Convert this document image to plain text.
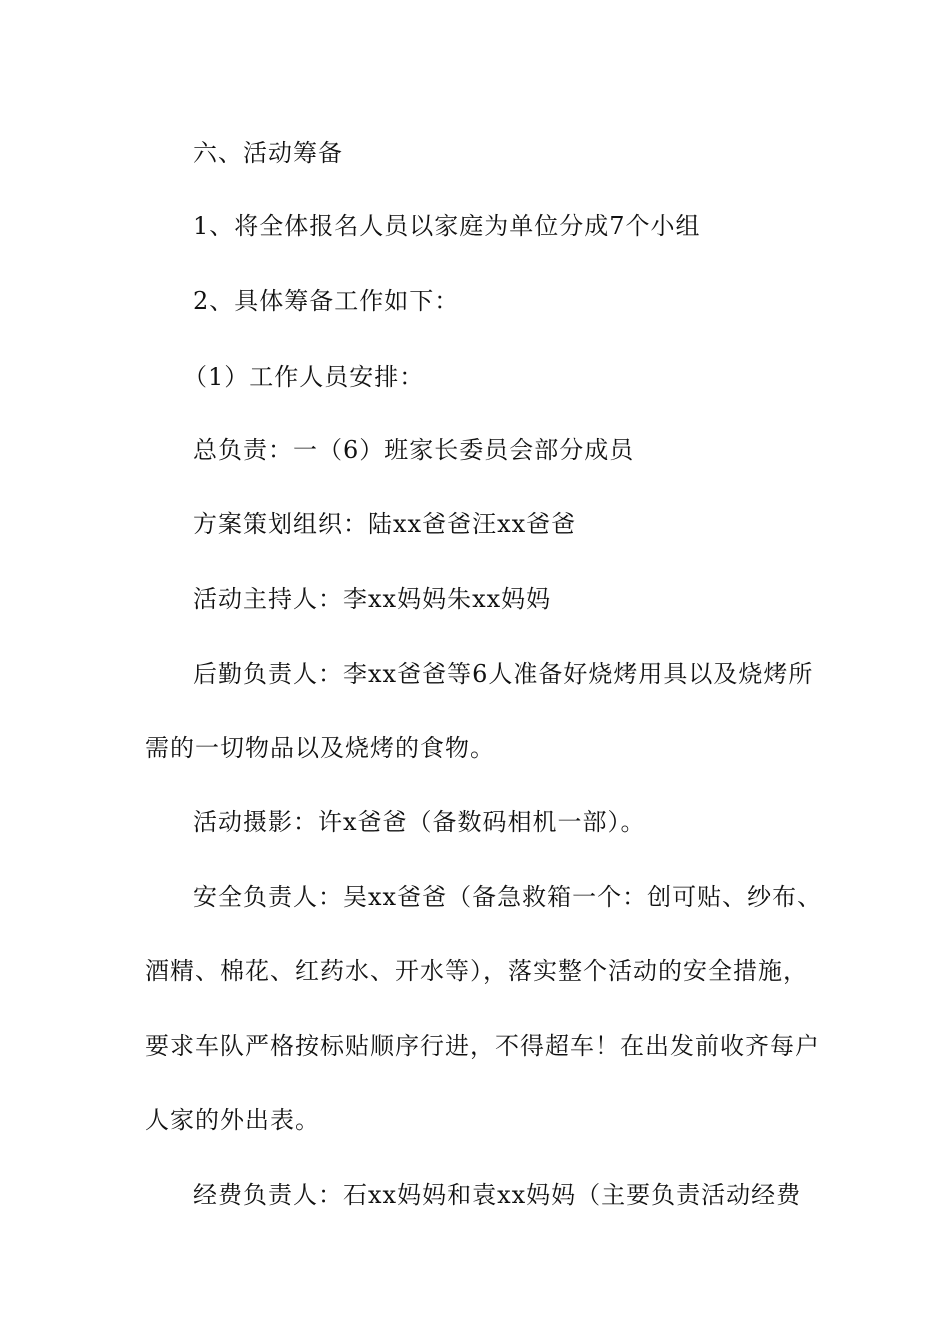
六、活动筹备
1、将全体报名人员以家庭为单位分成7个小组
2、具体筹备工作如下：
（1）工作人员安排：
总负责：一（6）班家长委员会部分成员
方案策划组织：陆xx爸爸汪xx爸爸
活动主持人：李xx妈妈朱xx妈妈
后勤负责人：李xx爸爸等6人准备好烧烤用具以及烧烤所
需的一切物品以及烧烤的食物。
活动摄影：许x爸爸（备数码相机一部）。
安全负责人：吴xx爸爸（备急救箱一个：创可贴、纱布、
酒精、棉花、红药水、开水等），落实整个活动的安全措施，
要求车队严格按标贴顺序行进，不得超车！在出发前收齐每户
人家的外出表。
经费负责人：石xx妈妈和袁xx妈妈（主要负责活动经费
